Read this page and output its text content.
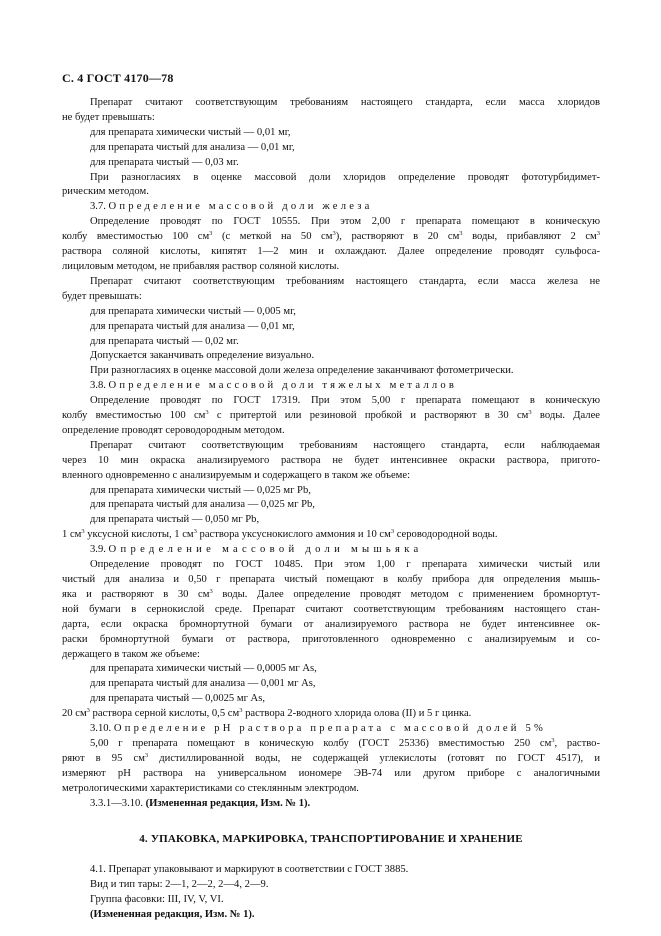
С. 4 ГОСТ 4170—78

Препарат считают соответствующим требованиям настоящего стандарта, если масса хлоридов

не будет превышать:

для препарата химически чистый — 0,01 мг,

для препарата чистый для анализа — 0,01 мг,

для препарата чистый — 0,03 мг.

При разногласиях в оценке массовой доли хлоридов определение проводят фототурбидимет-

рическим методом.

3.7. Определение массовой доли железа

Определение проводят по ГОСТ 10555. При этом 2,00 г препарата помещают в коническую

колбу вместимостью 100 $см^3$ (с меткой на 50 $см^3$), растворяют в 20 $см^3$ воды, прибавляют 2 $см^3$

раствора соляной кислоты, кипятят 1—2 мин и охлаждают. Далее определение проводят сульфоса-

лициловым методом, не прибавляя раствор соляной кислоты.

Препарат считают соответствующим требованиям настоящего стандарта, если масса железа не

будет превышать:

для препарата химически чистый — 0,005 мг,

для препарата чистый для анализа — 0,01 мг,

для препарата чистый — 0,02 мг.

Допускается заканчивать определение визуально.

При разногласиях в оценке массовой доли железа определение заканчивают фотометрически.

3.8. Определение массовой доли тяжелых металлов

Определение проводят по ГОСТ 17319. При этом 5,00 г препарата помещают в коническую

колбу вместимостью 100 $см^3$ с притертой или резиновой пробкой и растворяют в 30 $см^3$ воды. Далее

определение проводят сероводородным методом.

Препарат считают соответствующим требованиям настоящего стандарта, если наблюдаемая

через 10 мин окраска анализируемого раствора не будет интенсивнее окраски раствора, пригото-

вленного одновременно с анализируемым и содержащего в таком же объеме:

для препарата химически чистый — 0,025 мг Pb,

для препарата чистый для анализа — 0,025 мг Pb,

для препарата чистый — 0,050 мг Pb,

1 $см^3$ уксусной кислоты, 1 $см^3$ раствора уксуснокислого аммония и 10 $см^3$ сероводородной воды.

3.9. Определение массовой доли мышьяка

Определение проводят по ГОСТ 10485. При этом 1,00 г препарата химически чистый или

чистый для анализа и 0,50 г препарата чистый помещают в колбу прибора для определения мышь-

яка и растворяют в 30 $см^3$ воды. Далее определение проводят методом с применением бромнортут-

ной бумаги в сернокислой среде. Препарат считают соответствующим требованиям настоящего стан-

дарта, если окраска бромнортутной бумаги от анализируемого раствора не будет интенсивнее ок-

раски бромнортутной бумаги от раствора, приготовленного одновременно с анализируемым и со-

держащего в таком же объеме:

для препарата химически чистый — 0,0005 мг As,

для препарата чистый для анализа — 0,001 мг As,

для препарата чистый — 0,0025 мг As,

20 $см^3$ раствора серной кислоты, 0,5 $см^3$ раствора 2-водного хлорида олова (II) и 5 г цинка.

3.10. Определение рН раствора препарата с массовой долей 5%

5,00 г препарата помещают в коническую колбу (ГОСТ 25336) вместимостью 250 $см^3$, раство-

ряют в 95 $см^3$ дистиллированной воды, не содержащей углекислоты (готовят по ГОСТ 4517), и

измеряют рН раствора на универсальном иономере ЭВ-74 или другом приборе с аналогичными

метрологическими характеристиками со стеклянным электродом.

3.3.1—3.10. (Измененная редакция, Изм. № 1).

4. УПАКОВКА, МАРКИРОВКА, ТРАНСПОРТИРОВАНИЕ И ХРАНЕНИЕ

4.1. Препарат упаковывают и маркируют в соответствии с ГОСТ 3885.

Вид и тип тары: 2—1, 2—2, 2—4, 2—9.

Группа фасовки: III, IV, V, VI.

(Измененная редакция, Изм. № 1).
